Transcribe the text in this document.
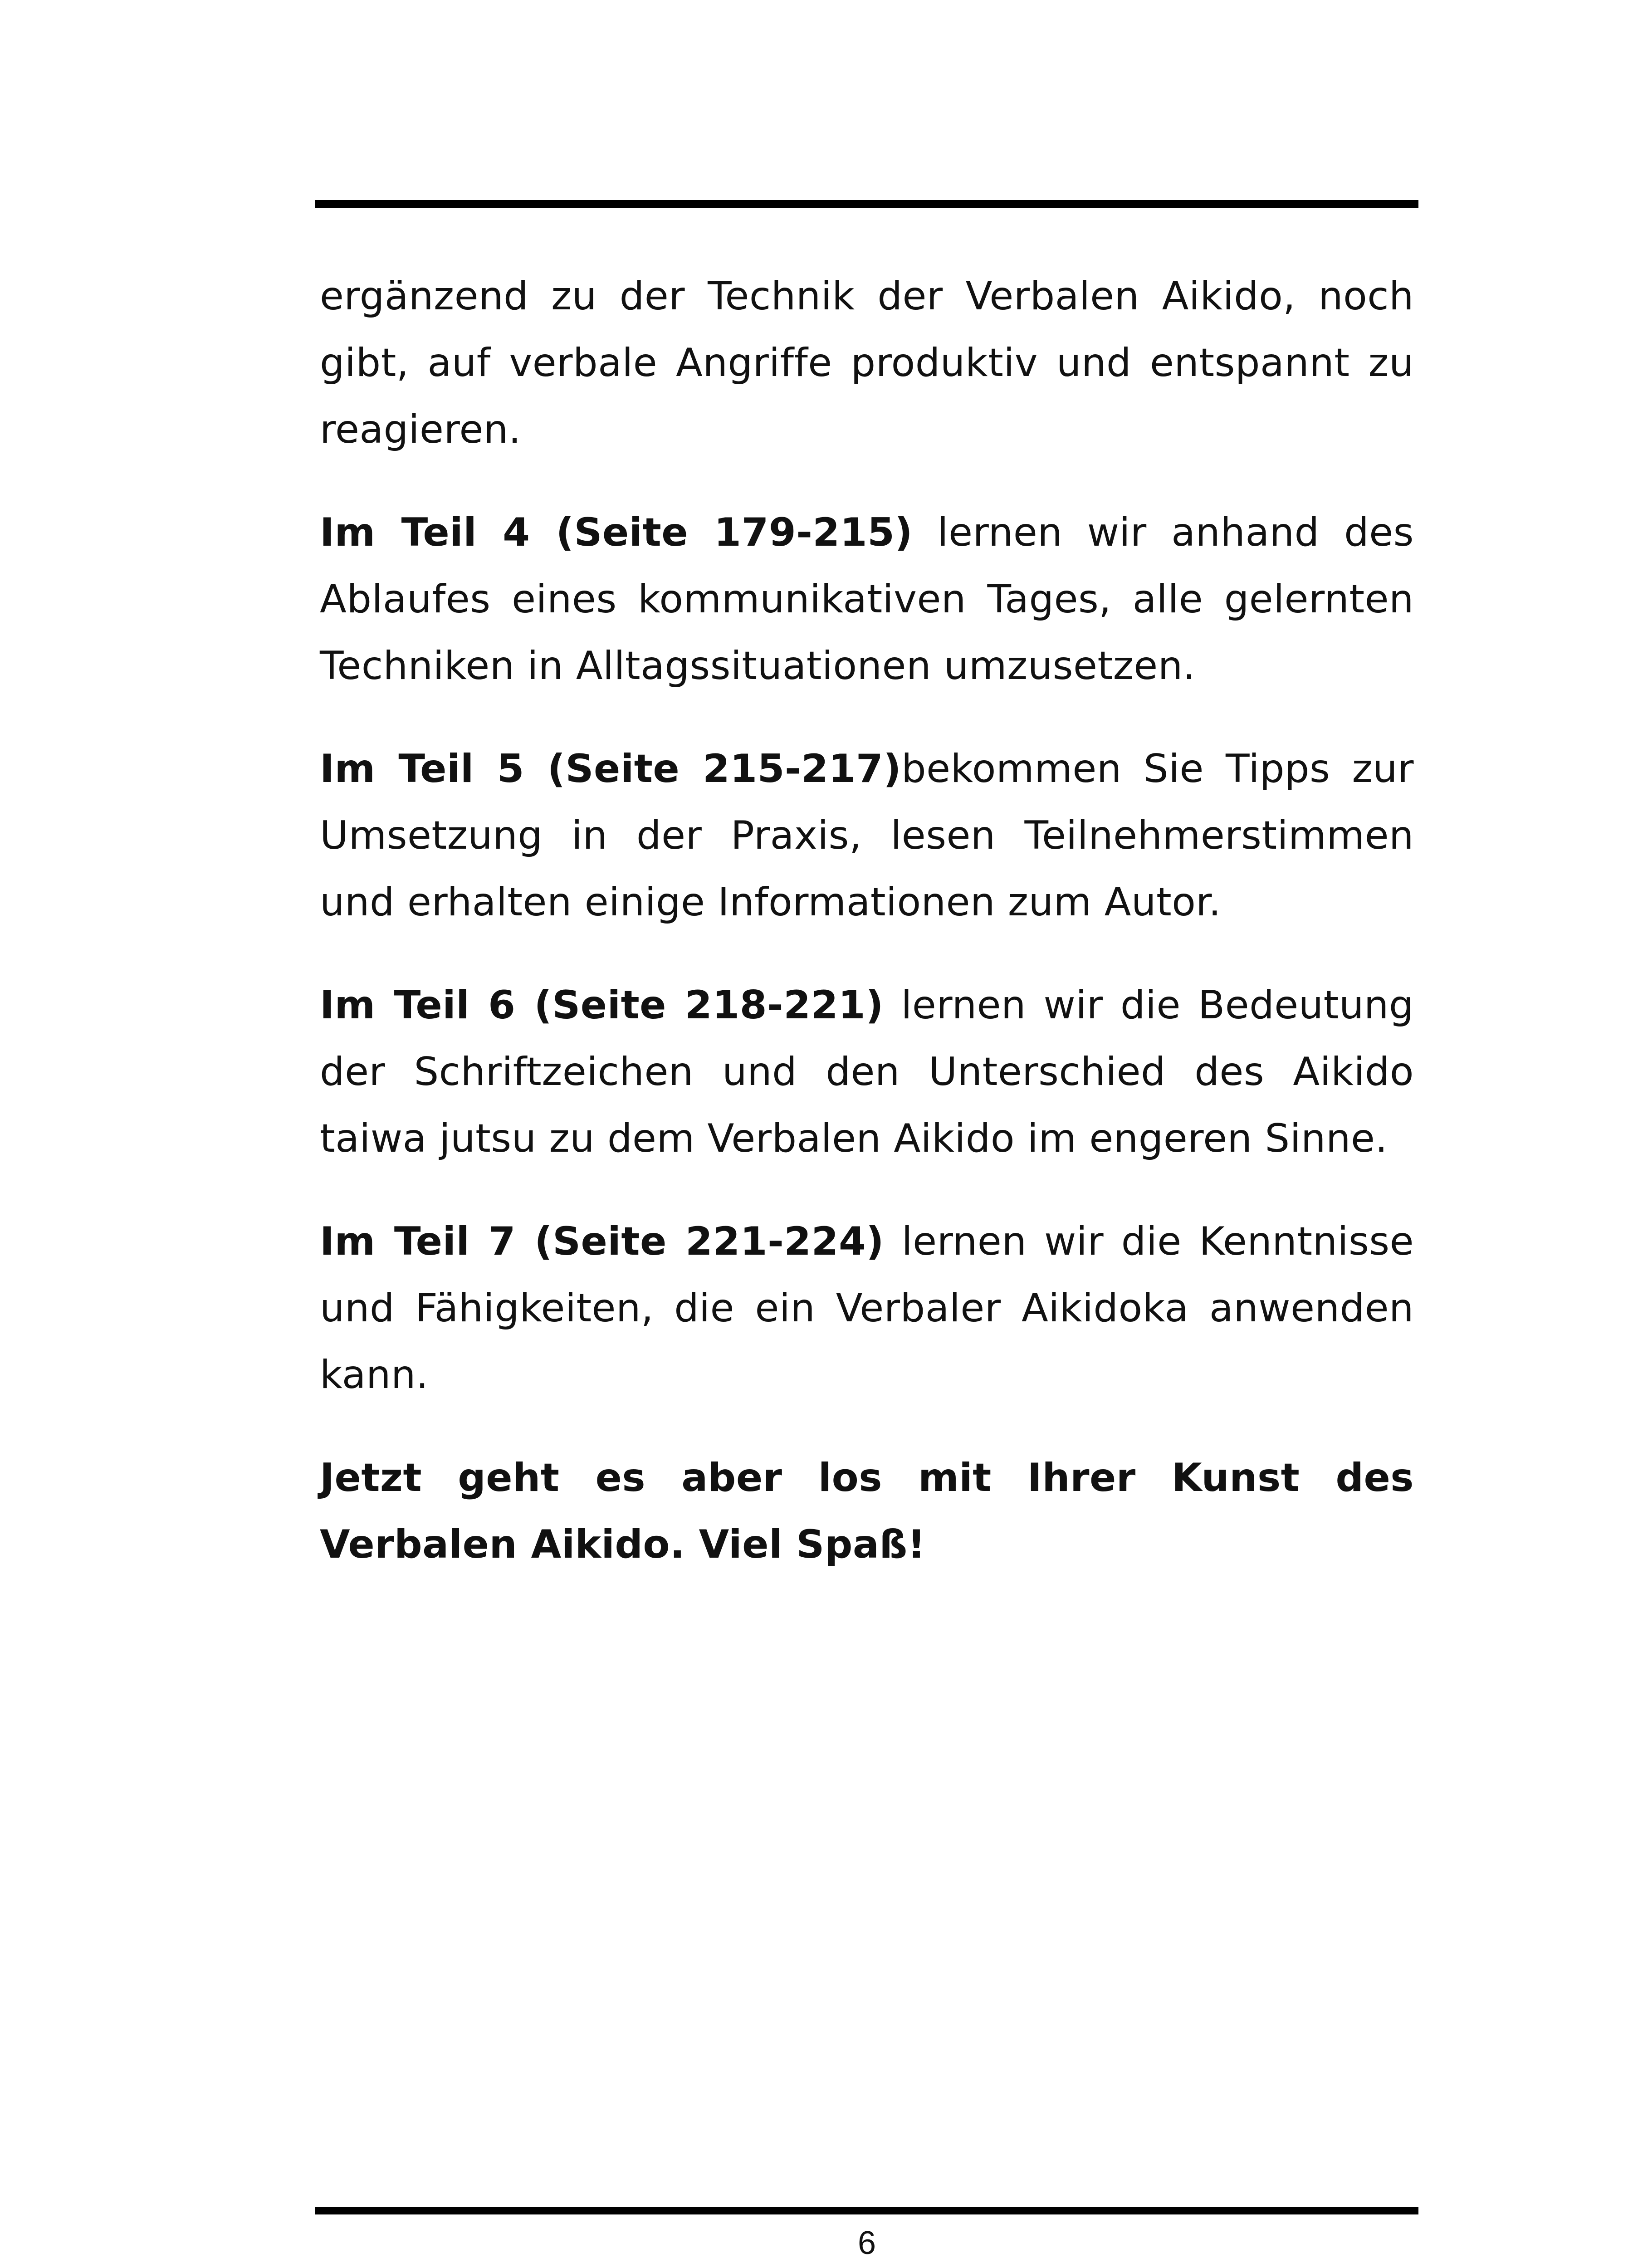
ergänzend zu der Technik der Verbalen Aikido, noch gibt, auf verbale Angriffe produktiv und entspannt zu reagieren.

Im Teil 4 (Seite 179-215) lernen wir anhand des Ablaufes eines kommunikativen Tages, alle gelernten Techniken in Alltagssituationen umzusetzen.

Im Teil 5 (Seite 215-217)bekommen Sie Tipps zur Umsetzung in der Praxis, lesen Teilnehmerstimmen und erhalten einige Informationen zum Autor.

Im Teil 6 (Seite 218-221) lernen wir die Bedeutung der Schriftzeichen und den Unterschied des Aikido taiwa jutsu zu dem Verbalen Aikido im engeren Sinne.

Im Teil 7 (Seite 221-224) lernen wir die Kenntnisse und Fähigkeiten, die ein Verbaler Aikidoka anwenden kann.

Jetzt geht es aber los mit Ihrer Kunst des Verbalen Aikido. Viel Spaß!

6
